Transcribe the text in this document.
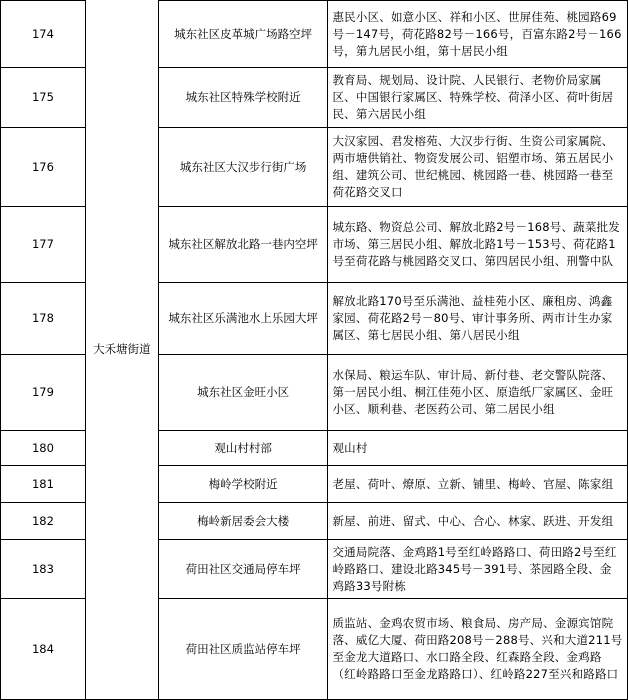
174	大禾塘街道	城东社区皮革城广场路空坪	惠民小区、如意小区、祥和小区、世屏佳苑、桃园路69号－147号，荷花路82号－166号，百富东路2号－166号，第九居民小组，第十居民小组
175		城东社区特殊学校附近	教育局、规划局、设计院、人民银行、老物价局家属区、中国银行家属区、特殊学校、荷泽小区、荷叶街居民、第六居民小组
176		城东社区大汉步行街广场	大汉家园、君发榕苑、大汉步行街、生资公司家属院、两市塘供销社、物资发展公司、铝塑市场、第五居民小组、建筑公司、世纪桃园、桃园路一巷、桃园路一巷至荷花路交叉口
177		城东社区解放北路一巷内空坪	城东路、物资总公司、解放北路2号－168号、蔬菜批发市场、第三居民小组、解放北路1号－153号、荷花路1号至荷花路与桃园路交叉口、第四居民小组、刑警中队
178		城东社区乐满池水上乐园大坪	解放北路170号至乐满池、益桂苑小区、廉租房、鸿鑫家园、荷花路2号－80号、审计事务所、两市计生办家属区、第七居民小组、第八居民小组
179		城东社区金旺小区	水保局、粮运车队、审计局、新付巷、老交警队院落、第一居民小组、桐江佳苑小区、原造纸厂家属区、金旺小区、顺利巷、老医药公司、第二居民小组
180		观山村村部	观山村
181		梅岭学校附近	老屋、荷叶、燎原、立新、铺里、梅岭、官屋、陈家组
182		梅岭新居委会大楼	新屋、前进、留式、中心、合心、林家、跃进、开发组
183		荷田社区交通局停车坪	交通局院落、金鸡路1号至红岭路路口、荷田路2号至红岭路路口、建设北路345号－391号、茶园路全段、金鸡路33号附栋
184		荷田社区质监站停车坪	质监站、金鸡农贸市场、粮食局、房产局、金源宾馆院落、威亿大厦、荷田路208号－288号、兴和大道211号至金龙大道路口、水口路全段、红森路全段、金鸡路（红岭路路口至金龙路路口）、红岭路227至兴和路路口
